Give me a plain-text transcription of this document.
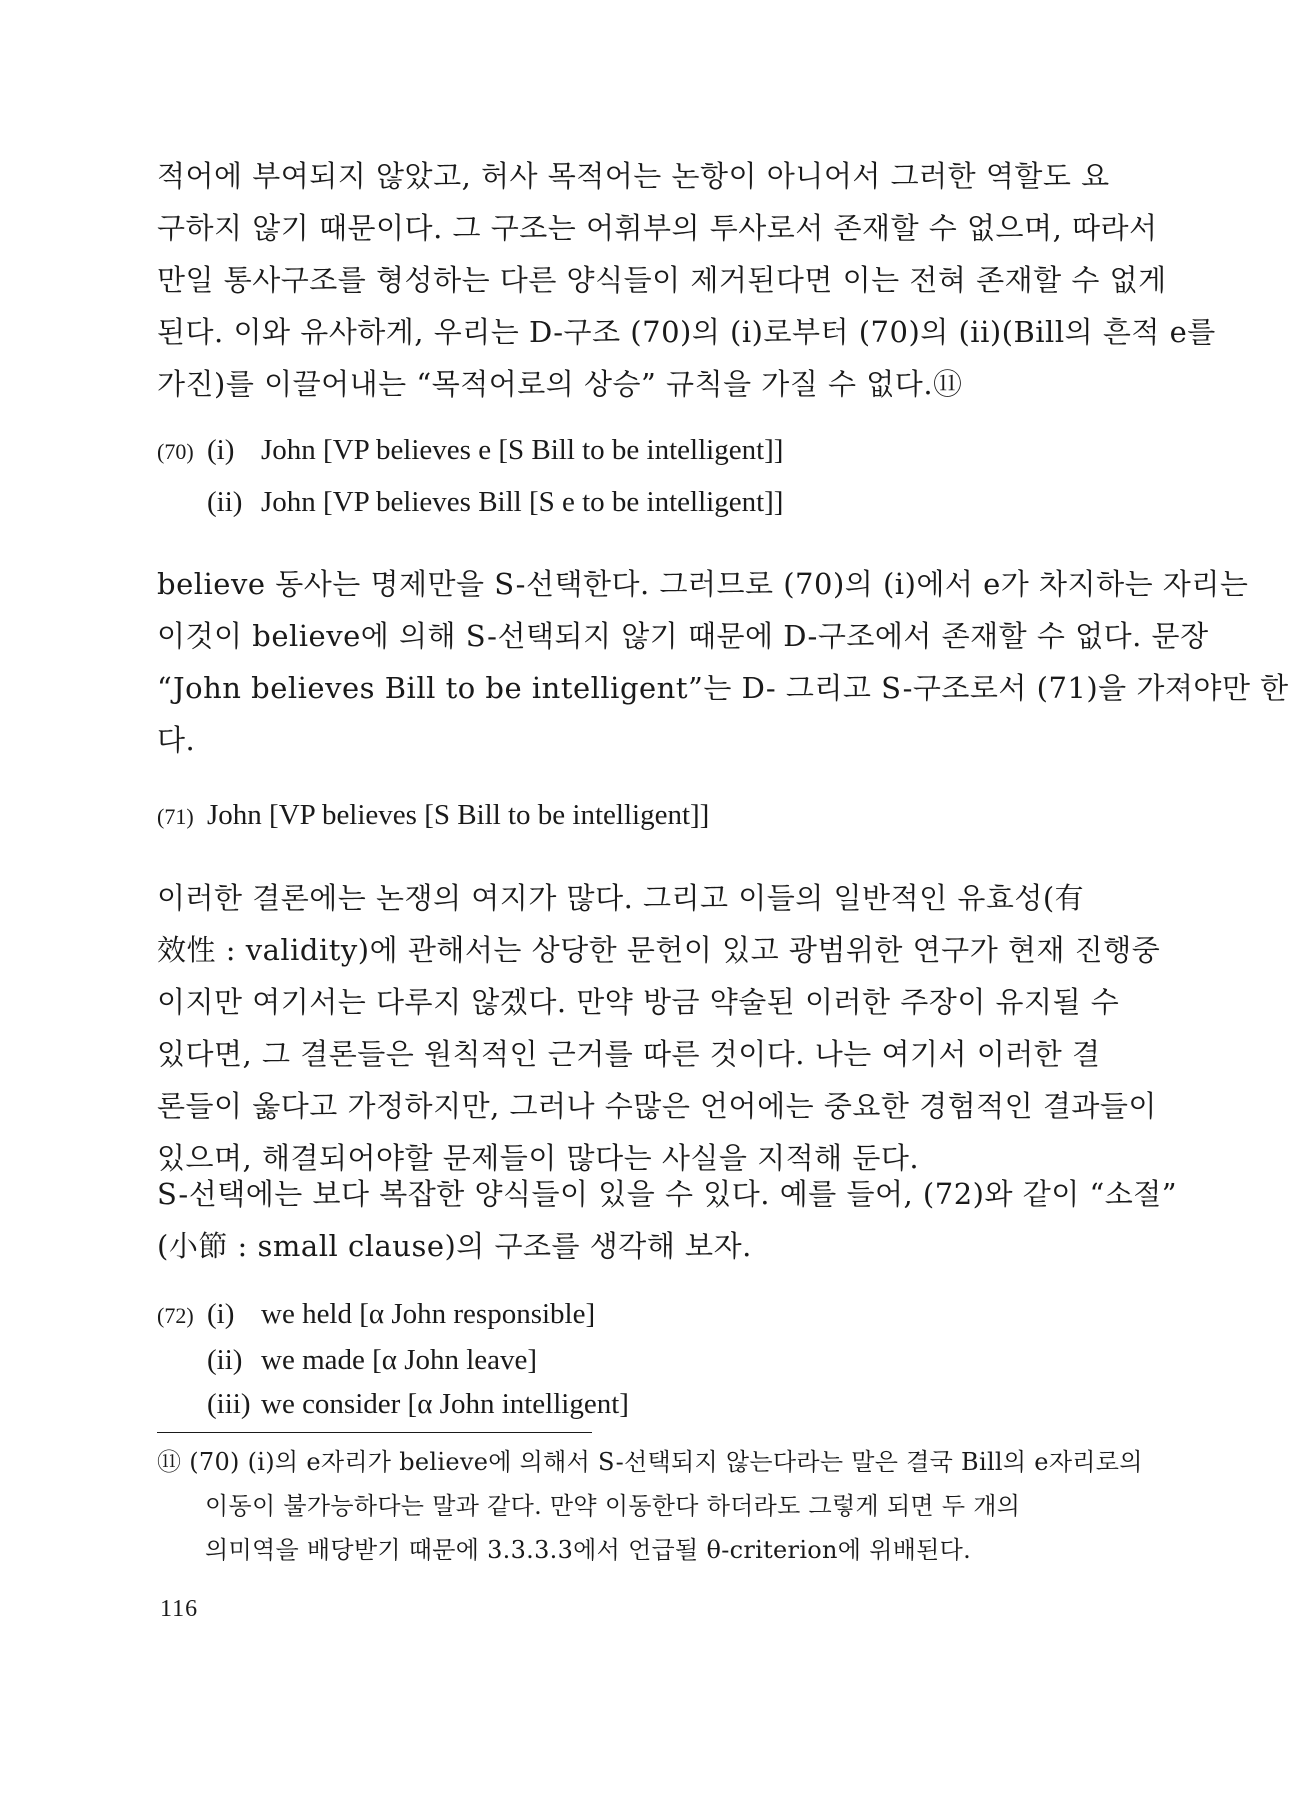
적어에 부여되지 않았고, 허사 목적어는 논항이 아니어서 그러한 역할도 요
구하지 않기 때문이다. 그 구조는 어휘부의 투사로서 존재할 수 없으며, 따라서
만일 통사구조를 형성하는 다른 양식들이 제거된다면 이는 전혀 존재할 수 없게
된다. 이와 유사하게, 우리는 D-구조 (70)의 (i)로부터 (70)의 (ii)(Bill의 흔적 e를
가진)를 이끌어내는 “목적어로의 상승” 규칙을 가질 수 없다.⑪
(70) (i) John [VP believes e [S Bill to be intelligent]]
(ii) John [VP believes Bill [S e to be intelligent]]
believe 동사는 명제만을 S-선택한다. 그러므로 (70)의 (i)에서 e가 차지하는 자리는
이것이 believe에 의해 S-선택되지 않기 때문에 D-구조에서 존재할 수 없다. 문장
“John believes Bill to be intelligent”는 D- 그리고 S-구조로서 (71)을 가져야만 한
다.
(71) John [VP believes [S Bill to be intelligent]]
이러한 결론에는 논쟁의 여지가 많다. 그리고 이들의 일반적인 유효성(有
效性 : validity)에 관해서는 상당한 문헌이 있고 광범위한 연구가 현재 진행중
이지만 여기서는 다루지 않겠다. 만약 방금 약술된 이러한 주장이 유지될 수
있다면, 그 결론들은 원칙적인 근거를 따른 것이다. 나는 여기서 이러한 결
론들이 옳다고 가정하지만, 그러나 수많은 언어에는 중요한 경험적인 결과들이
있으며, 해결되어야할 문제들이 많다는 사실을 지적해 둔다.
S-선택에는 보다 복잡한 양식들이 있을 수 있다. 예를 들어, (72)와 같이 “소절”
(小節 : small clause)의 구조를 생각해 보자.
(72) (i) we held [α John responsible]
(ii) we made [α John leave]
(iii) we consider [α John intelligent]
⑪ (70) (i)의 e자리가 believe에 의해서 S-선택되지 않는다라는 말은 결국 Bill의 e자리로의
이동이 불가능하다는 말과 같다. 만약 이동한다 하더라도 그렇게 되면 두 개의
의미역을 배당받기 때문에 3.3.3.3에서 언급될 θ-criterion에 위배된다.
116
